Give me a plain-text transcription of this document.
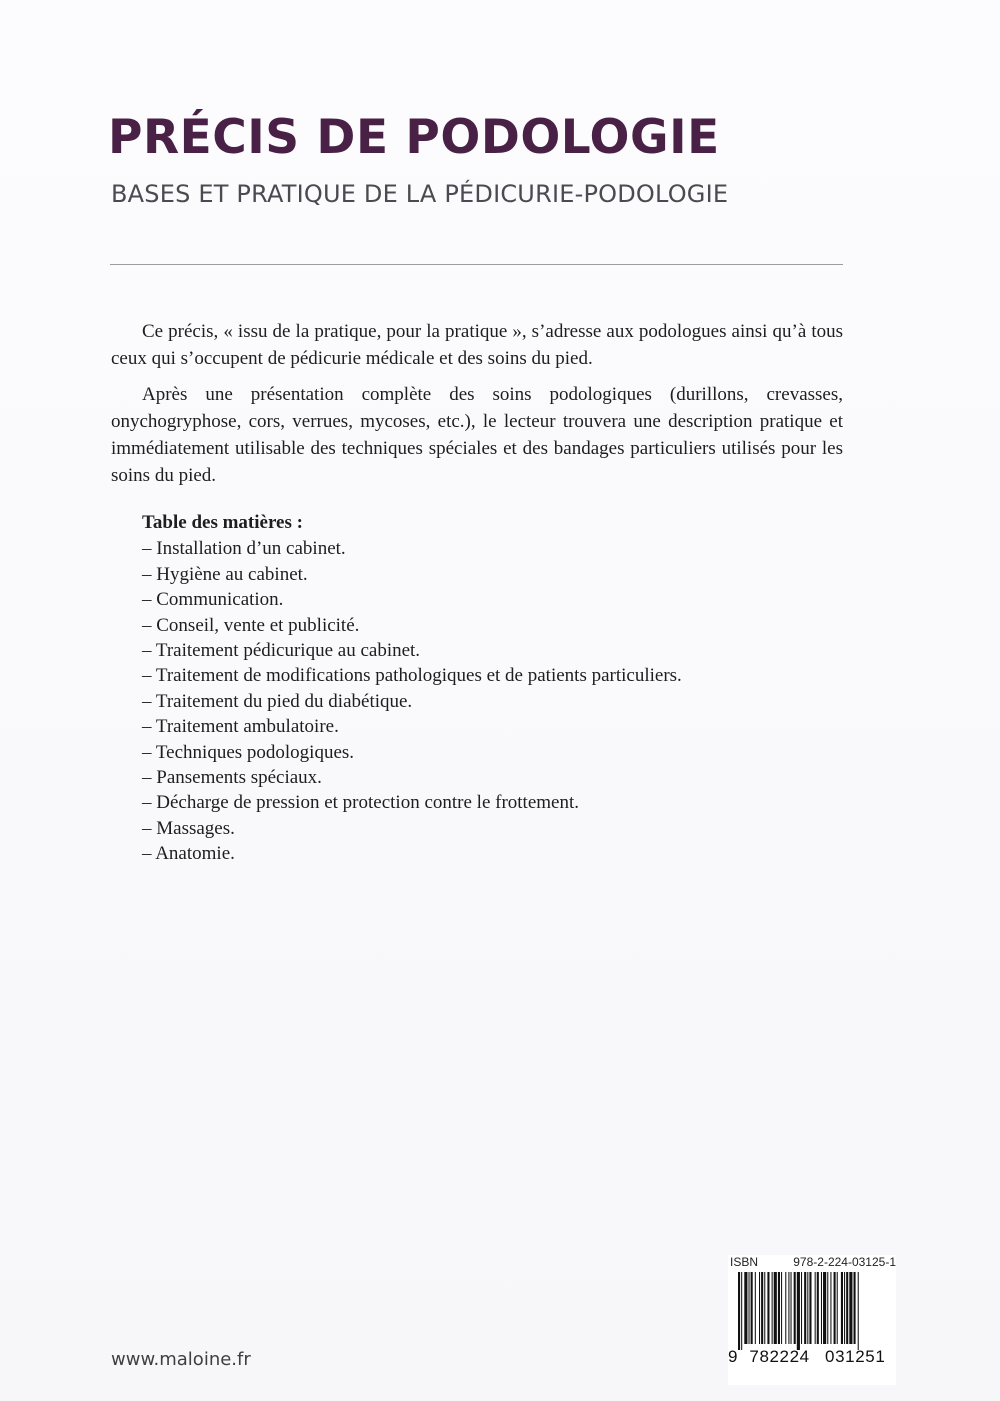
PRÉCIS DE PODOLOGIE
BASES ET PRATIQUE DE LA PÉDICURIE-PODOLOGIE

Ce précis, « issu de la pratique, pour la pratique », s’adresse aux podologues ainsi qu’à tous ceux qui s’occupent de pédicurie médicale et des soins du pied.

Après une présentation complète des soins podologiques (durillons, crevasses, onychogryphose, cors, verrues, mycoses, etc.), le lecteur trouvera une description pratique et immédiatement utilisable des techniques spéciales et des bandages particuliers utilisés pour les soins du pied.

Table des matières :
– Installation d’un cabinet.
– Hygiène au cabinet.
– Communication.
– Conseil, vente et publicité.
– Traitement pédicurique au cabinet.
– Traitement de modifications pathologiques et de patients particuliers.
– Traitement du pied du diabétique.
– Traitement ambulatoire.
– Techniques podologiques.
– Pansements spéciaux.
– Décharge de pression et protection contre le frottement.
– Massages.
– Anatomie.
www.maloine.fr
ISBN	978-2-224-03125-1
9 782224 031251
